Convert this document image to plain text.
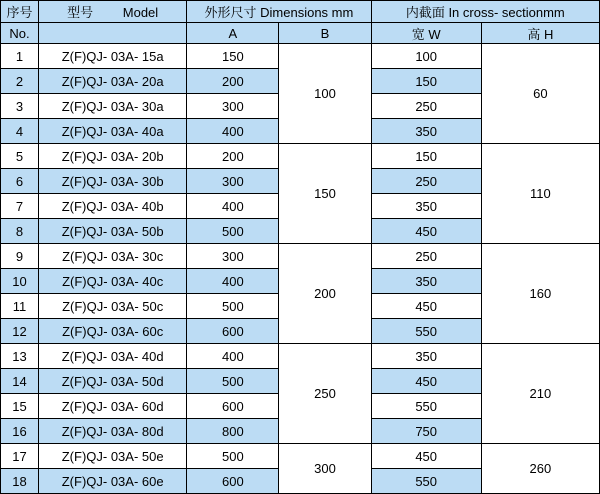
序号	型号 Model	外形尺寸 Dimensions mm		内截面 In cross- sectionmm	
No.		A	B	宽 W	高 H
1	Z(F)QJ- 03A- 15a	150	100	100	60
2	Z(F)QJ- 03A- 20a	200		150	
3	Z(F)QJ- 03A- 30a	300		250	
4	Z(F)QJ- 03A- 40a	400		350	
5	Z(F)QJ- 03A- 20b	200	150	150	110
6	Z(F)QJ- 03A- 30b	300		250	
7	Z(F)QJ- 03A- 40b	400		350	
8	Z(F)QJ- 03A- 50b	500		450	
9	Z(F)QJ- 03A- 30c	300	200	250	160
10	Z(F)QJ- 03A- 40c	400		350	
11	Z(F)QJ- 03A- 50c	500		450	
12	Z(F)QJ- 03A- 60c	600		550	
13	Z(F)QJ- 03A- 40d	400	250	350	210
14	Z(F)QJ- 03A- 50d	500		450	
15	Z(F)QJ- 03A- 60d	600		550	
16	Z(F)QJ- 03A- 80d	800		750	
17	Z(F)QJ- 03A- 50e	500	300	450	260
18	Z(F)QJ- 03A- 60e	600		550	
